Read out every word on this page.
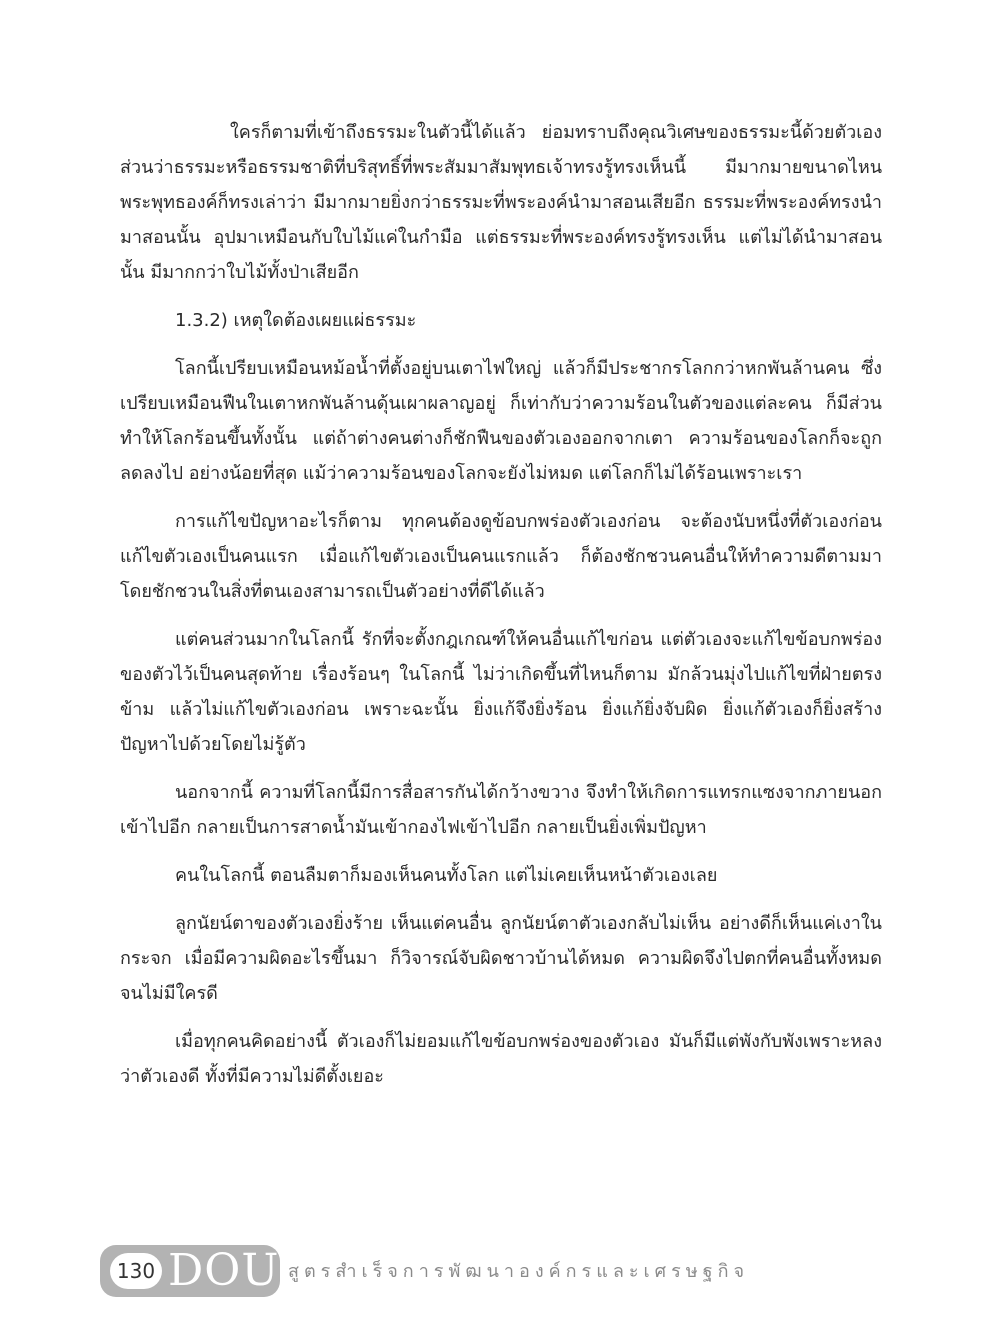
ใครก็ตามที่เข้าถึงธรรมะในตัวนี้ได้แล้ว ย่อมทราบถึงคุณวิเศษของธรรมะนี้ด้วยตัวเอง ส่วนว่าธรรมะหรือธรรมชาติที่บริสุทธิ์ที่พระสัมมาสัมพุทธเจ้าทรงรู้ทรงเห็นนี้ มีมากมายขนาดไหน พระพุทธองค์ก็ทรงเล่าว่า มีมากมายยิ่งกว่าธรรมะที่พระองค์นำมาสอนเสียอีก ธรรมะที่พระองค์ทรงนำมาสอนนั้น อุปมาเหมือนกับใบไม้แค่ในกำมือ แต่ธรรมะที่พระองค์ทรงรู้ทรงเห็น แต่ไม่ได้นำมาสอนนั้น มีมากกว่าใบไม้ทั้งป่าเสียอีก

1.3.2) เหตุใดต้องเผยแผ่ธรรมะ

โลกนี้เปรียบเหมือนหม้อน้ำที่ตั้งอยู่บนเตาไฟใหญ่ แล้วก็มีประชากรโลกกว่าหกพันล้านคน ซึ่งเปรียบเหมือนฟืนในเตาหกพันล้านดุ้นเผาผลาญอยู่ ก็เท่ากับว่าความร้อนในตัวของแต่ละคน ก็มีส่วนทำให้โลกร้อนขึ้นทั้งนั้น แต่ถ้าต่างคนต่างก็ชักฟืนของตัวเองออกจากเตา ความร้อนของโลกก็จะถูกลดลงไป อย่างน้อยที่สุด แม้ว่าความร้อนของโลกจะยังไม่หมด แต่โลกก็ไม่ได้ร้อนเพราะเรา

การแก้ไขปัญหาอะไรก็ตาม ทุกคนต้องดูข้อบกพร่องตัวเองก่อน จะต้องนับหนึ่งที่ตัวเองก่อน แก้ไขตัวเองเป็นคนแรก เมื่อแก้ไขตัวเองเป็นคนแรกแล้ว ก็ต้องชักชวนคนอื่นให้ทำความดีตามมา โดยชักชวนในสิ่งที่ตนเองสามารถเป็นตัวอย่างที่ดีได้แล้ว

แต่คนส่วนมากในโลกนี้ รักที่จะตั้งกฎเกณฑ์ให้คนอื่นแก้ไขก่อน แต่ตัวเองจะแก้ไขข้อบกพร่องของตัวไว้เป็นคนสุดท้าย เรื่องร้อนๆ ในโลกนี้ ไม่ว่าเกิดขึ้นที่ไหนก็ตาม มักล้วนมุ่งไปแก้ไขที่ฝ่ายตรงข้าม แล้วไม่แก้ไขตัวเองก่อน เพราะฉะนั้น ยิ่งแก้จึงยิ่งร้อน ยิ่งแก้ยิ่งจับผิด ยิ่งแก้ตัวเองก็ยิ่งสร้างปัญหาไปด้วยโดยไม่รู้ตัว

นอกจากนี้ ความที่โลกนี้มีการสื่อสารกันได้กว้างขวาง จึงทำให้เกิดการแทรกแซงจากภายนอกเข้าไปอีก กลายเป็นการสาดน้ำมันเข้ากองไฟเข้าไปอีก กลายเป็นยิ่งเพิ่มปัญหา

คนในโลกนี้ ตอนลืมตาก็มองเห็นคนทั้งโลก แต่ไม่เคยเห็นหน้าตัวเองเลย

ลูกนัยน์ตาของตัวเองยิ่งร้าย เห็นแต่คนอื่น ลูกนัยน์ตาตัวเองกลับไม่เห็น อย่างดีก็เห็นแค่เงาในกระจก เมื่อมีความผิดอะไรขึ้นมา ก็วิจารณ์จับผิดชาวบ้านได้หมด ความผิดจึงไปตกที่คนอื่นทั้งหมด จนไม่มีใครดี

เมื่อทุกคนคิดอย่างนี้ ตัวเองก็ไม่ยอมแก้ไขข้อบกพร่องของตัวเอง มันก็มีแต่พังกับพังเพราะหลงว่าตัวเองดี ทั้งที่มีความไม่ดีตั้งเยอะ

130 DOU สูตรสำเร็จการพัฒนาองค์กรและเศรษฐกิจ
